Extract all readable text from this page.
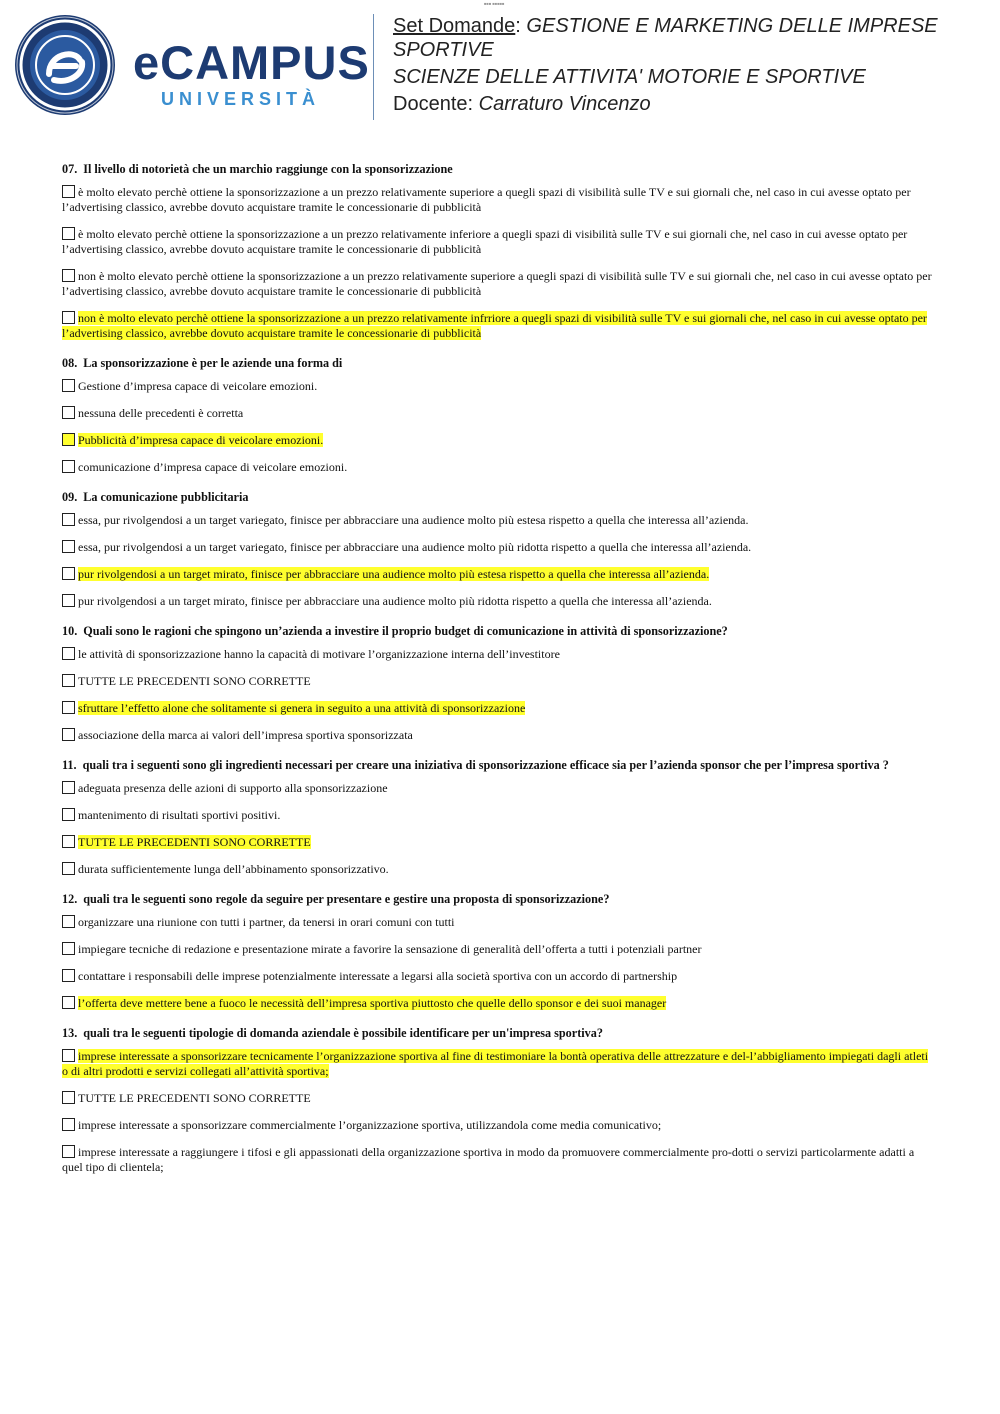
■■■ ■■■■■
eCAMPUS
UNIVERSITÀ

Set Domande: GESTIONE E MARKETING DELLE IMPRESE SPORTIVE

SCIENZE DELLE ATTIVITA' MOTORIE E SPORTIVE

Docente: Carraturo Vincenzo

07. Il livello di notorietà che un marchio raggiunge con la sponsorizzazione

è molto elevato perchè ottiene la sponsorizzazione a un prezzo relativamente superiore a quegli spazi di visibilità sulle TV e sui giornali che, nel caso in cui avesse optato per l’advertising classico, avrebbe dovuto acquistare tramite le concessionarie di pubblicità

è molto elevato perchè ottiene la sponsorizzazione a un prezzo relativamente inferiore a quegli spazi di visibilità sulle TV e sui giornali che, nel caso in cui avesse optato per l’advertising classico, avrebbe dovuto acquistare tramite le concessionarie di pubblicità

non è molto elevato perchè ottiene la sponsorizzazione a un prezzo relativamente superiore a quegli spazi di visibilità sulle TV e sui giornali che, nel caso in cui avesse optato per l’advertising classico, avrebbe dovuto acquistare tramite le concessionarie di pubblicità

non è molto elevato perchè ottiene la sponsorizzazione a un prezzo relativamente infrriore a quegli spazi di visibilità sulle TV e sui giornali che, nel caso in cui avesse optato per l’advertising classico, avrebbe dovuto acquistare tramite le concessionarie di pubblicità

08. La sponsorizzazione è per le aziende una forma di

Gestione d’impresa capace di veicolare emozioni.

nessuna delle precedenti è corretta

Pubblicità d’impresa capace di veicolare emozioni.

comunicazione d’impresa capace di veicolare emozioni.

09. La comunicazione pubblicitaria

essa, pur rivolgendosi a un target variegato, finisce per abbracciare una audience molto più estesa rispetto a quella che interessa all’azienda.

essa, pur rivolgendosi a un target variegato, finisce per abbracciare una audience molto più ridotta rispetto a quella che interessa all’azienda.

pur rivolgendosi a un target mirato, finisce per abbracciare una audience molto più estesa rispetto a quella che interessa all’azienda.

pur rivolgendosi a un target mirato, finisce per abbracciare una audience molto più ridotta rispetto a quella che interessa all’azienda.

10. Quali sono le ragioni che spingono un’azienda a investire il proprio budget di comunicazione in attività di sponsorizzazione?

le attività di sponsorizzazione hanno la capacità di motivare l’organizzazione interna dell’investitore

TUTTE LE PRECEDENTI SONO CORRETTE

sfruttare l’effetto alone che solitamente si genera in seguito a una attività di sponsorizzazione

associazione della marca ai valori dell’impresa sportiva sponsorizzata

11. quali tra i seguenti sono gli ingredienti necessari per creare una iniziativa di sponsorizzazione efficace sia per l’azienda sponsor che per l’impresa sportiva ?

adeguata presenza delle azioni di supporto alla sponsorizzazione

mantenimento di risultati sportivi positivi.

TUTTE LE PRECEDENTI SONO CORRETTE

durata sufficientemente lunga dell’abbinamento sponsorizzativo.

12. quali tra le seguenti sono regole da seguire per presentare e gestire una proposta di sponsorizzazione?

organizzare una riunione con tutti i partner, da tenersi in orari comuni con tutti

impiegare tecniche di redazione e presentazione mirate a favorire la sensazione di generalità dell’offerta a tutti i potenziali partner

contattare i responsabili delle imprese potenzialmente interessate a legarsi alla società sportiva con un accordo di partnership

l’offerta deve mettere bene a fuoco le necessità dell’impresa sportiva piuttosto che quelle dello sponsor e dei suoi manager

13. quali tra le seguenti tipologie di domanda aziendale è possibile identificare per un'impresa sportiva?

imprese interessate a sponsorizzare tecnicamente l’organizzazione sportiva al fine di testimoniare la bontà operativa delle attrezzature e del-l’abbigliamento impiegati dagli atleti o di altri prodotti e servizi collegati all’attività sportiva;

TUTTE LE PRECEDENTI SONO CORRETTE

imprese interessate a sponsorizzare commercialmente l’organizzazione sportiva, utilizzandola come media comunicativo;

imprese interessate a raggiungere i tifosi e gli appassionati della organizzazione sportiva in modo da promuovere commercialmente pro-dotti o servizi particolarmente adatti a quel tipo di clientela;
